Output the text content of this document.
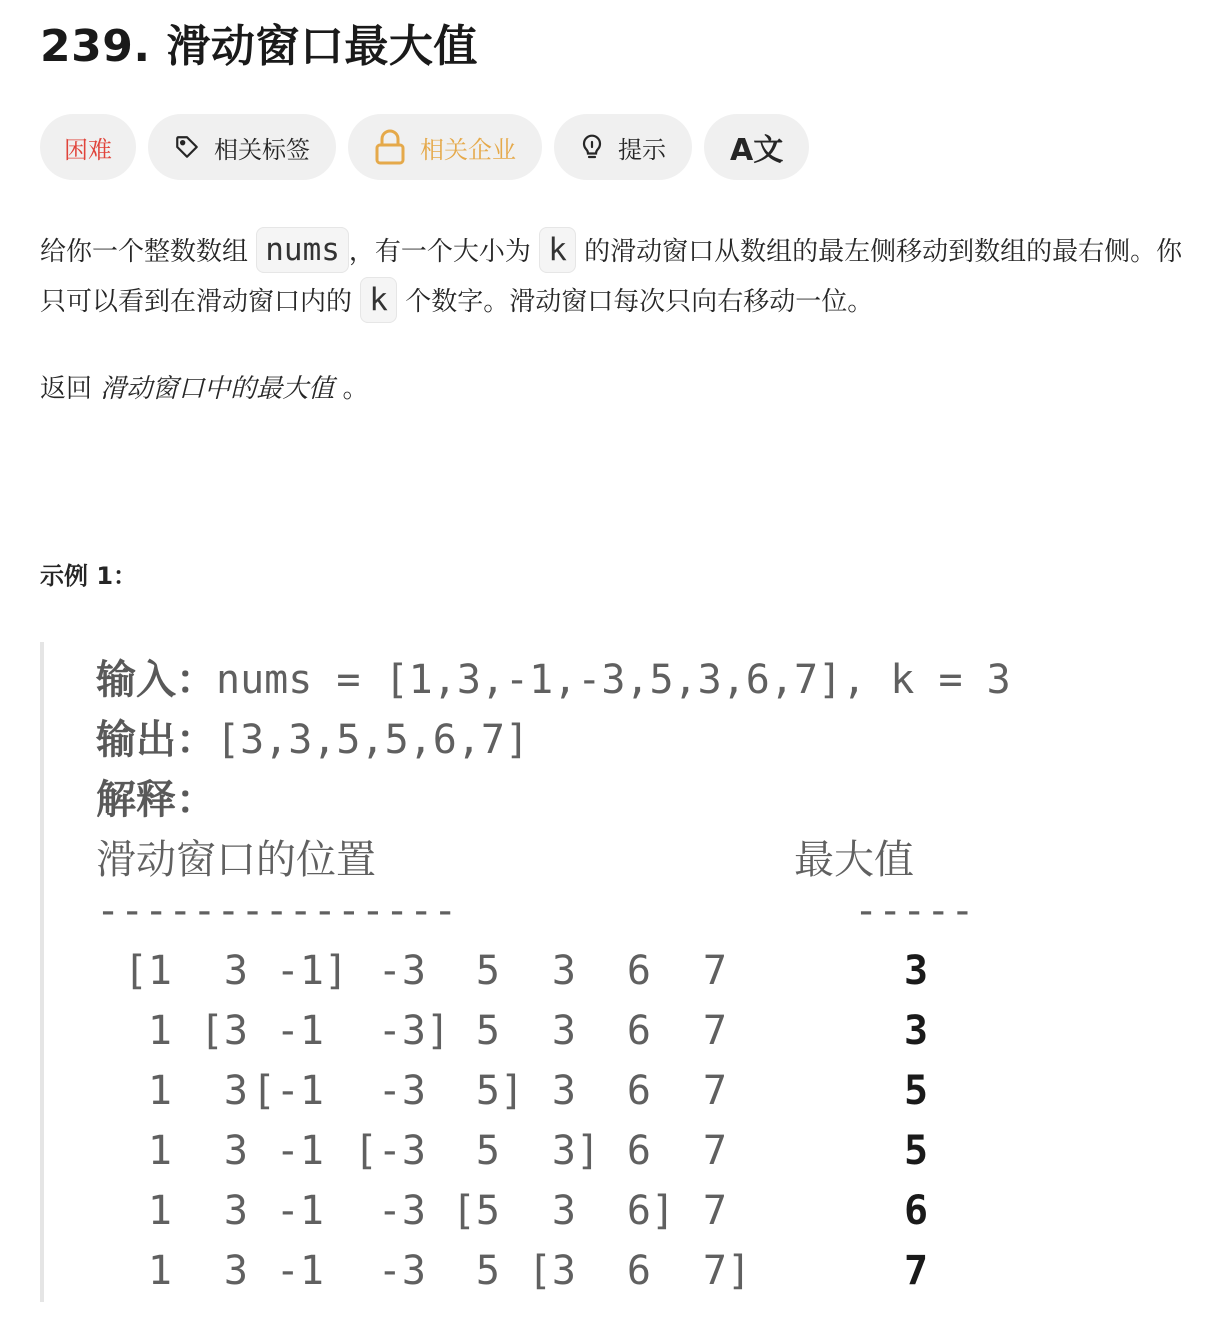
239. 滑动窗口最大值
困难	相关标签	相关企业	提示 A文
给你一个整数数组 nums ，有一个大小为 k 的滑动窗口从数组的最左侧移动到数组的最右侧。你只可以看到在滑动窗口内的 k 个数字。滑动窗口每次只向右移动一位。
返回 滑动窗口中的最大值 。
示例 1：
输入：nums = [1,3,-1,-3,5,3,6,7], k = 3
输出：[3,3,5,5,6,7]
解释：
滑动窗口的位置	最大值
---------------	-----
[1 3 -1] -3 5 3 6 7	3
1 [3 -1 -3] 5 3 6 7	3
1 3 [-1 -3 5] 3 6 7	5
1 3 -1 [-3 5 3] 6 7	5
1 3 -1 -3 [5 3 6] 7	6
1 3 -1 -3 5 [3 6 7]	7
